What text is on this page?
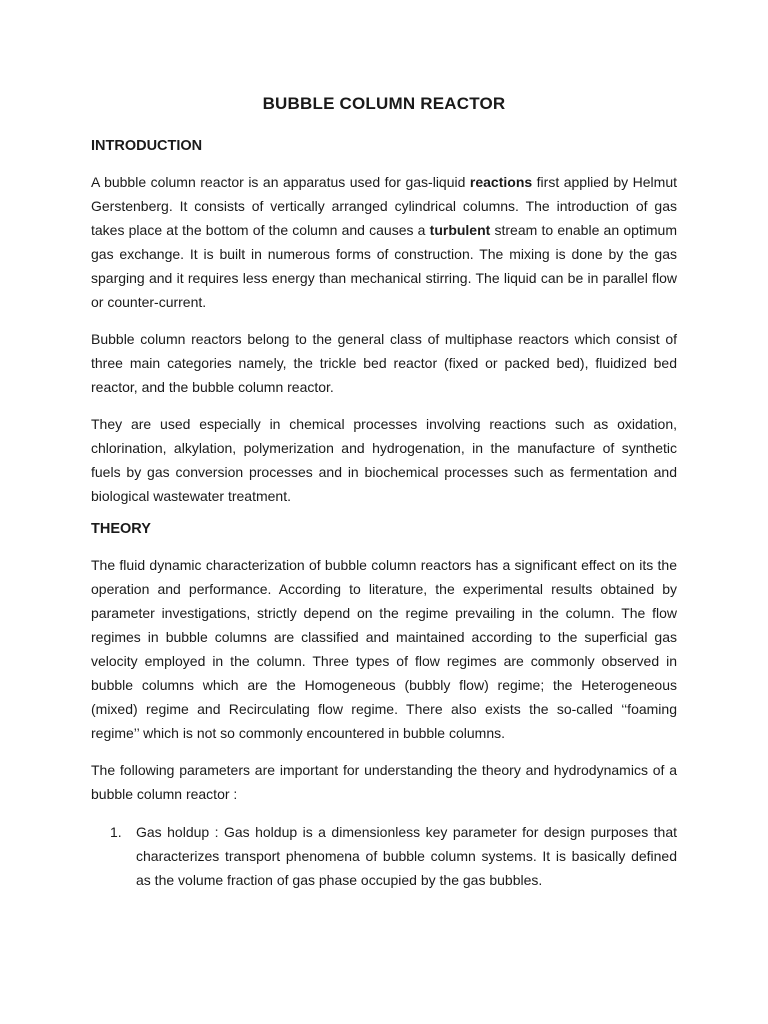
BUBBLE COLUMN REACTOR
INTRODUCTION

A bubble column reactor is an apparatus used for gas-liquid reactions first applied by Helmut Gerstenberg. It consists of vertically arranged cylindrical columns. The introduction of gas takes place at the bottom of the column and causes a turbulent stream to enable an optimum gas exchange. It is built in numerous forms of construction. The mixing is done by the gas sparging and it requires less energy than mechanical stirring. The liquid can be in parallel flow or counter-current.

Bubble column reactors belong to the general class of multiphase reactors which consist of three main categories namely, the trickle bed reactor (fixed or packed bed), fluidized bed reactor, and the bubble column reactor.

They are used especially in chemical processes involving reactions such as oxidation, chlorination, alkylation, polymerization and hydrogenation, in the manufacture of synthetic fuels by gas conversion processes and in biochemical processes such as fermentation and biological wastewater treatment.

THEORY

The fluid dynamic characterization of bubble column reactors has a significant effect on its the operation and performance. According to literature, the experimental results obtained by parameter investigations, strictly depend on the regime prevailing in the column. The flow regimes in bubble columns are classified and maintained according to the superficial gas velocity employed in the column. Three types of flow regimes are commonly observed in bubble columns which are the Homogeneous (bubbly flow) regime; the Heterogeneous (mixed) regime and Recirculating flow regime. There also exists the so-called ‘‘foaming regime’’ which is not so commonly encountered in bubble columns.

The following parameters are important for understanding the theory and hydrodynamics of a bubble column reactor :

1. Gas holdup : Gas holdup is a dimensionless key parameter for design purposes that characterizes transport phenomena of bubble column systems. It is basically defined as the volume fraction of gas phase occupied by the gas bubbles.
